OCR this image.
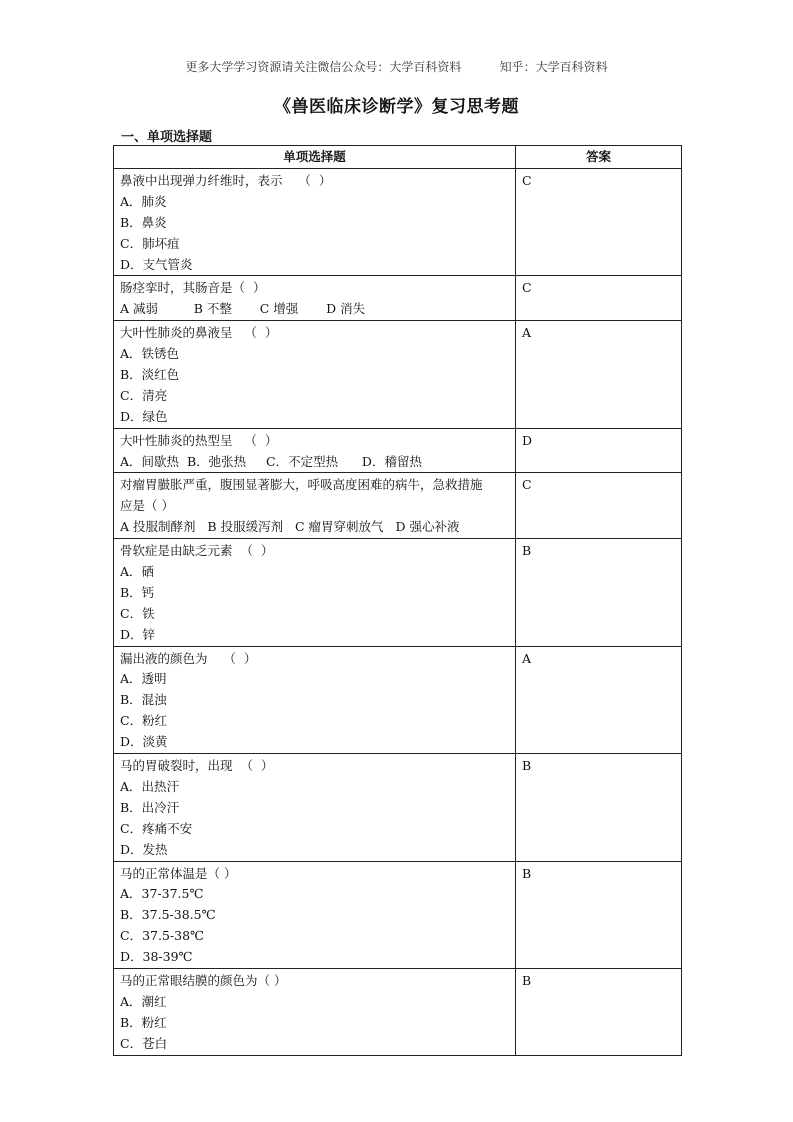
更多大学学习资源请关注微信公众号：大学百科资料          知乎：大学百科资料
《兽医临床诊断学》复习思考题
一、单项选择题
单项选择题	答案

鼻液中出现弹力纤维时，表示    （  ）
A．肺炎
B．鼻炎
C．肺坏疽
D．支气管炎	C

肠痉挛时，其肠音是（  ）
A 减弱         B 不整       C 增强       D 消失	C

大叶性肺炎的鼻液呈   （  ）
A．铁锈色
B．淡红色
C．清亮
D．绿色	A

大叶性肺炎的热型呈   （  ）
A．间歇热  B．弛张热     C．不定型热      D．稽留热	D

对瘤胃臌胀严重，腹围显著膨大，呼吸高度困难的病牛，急救措施
应是（ ）
A 投服制酵剂   B 投服缓泻剂   C 瘤胃穿刺放气   D 强心补液	C

骨软症是由缺乏元素  （  ）
A．硒
B．钙
C．铁
D．锌	B

漏出液的颜色为    （  ）
A．透明
B．混浊
C．粉红
D．淡黄	A

马的胃破裂时，出现  （  ）
A．出热汗
B．出冷汗
C．疼痛不安
D．发热	B

马的正常体温是（ ）
A．37-37.5℃
B．37.5-38.5℃
C．37.5-38℃
D．38-39℃	B

马的正常眼结膜的颜色为（ ）
A．潮红
B．粉红
C．苍白	B
